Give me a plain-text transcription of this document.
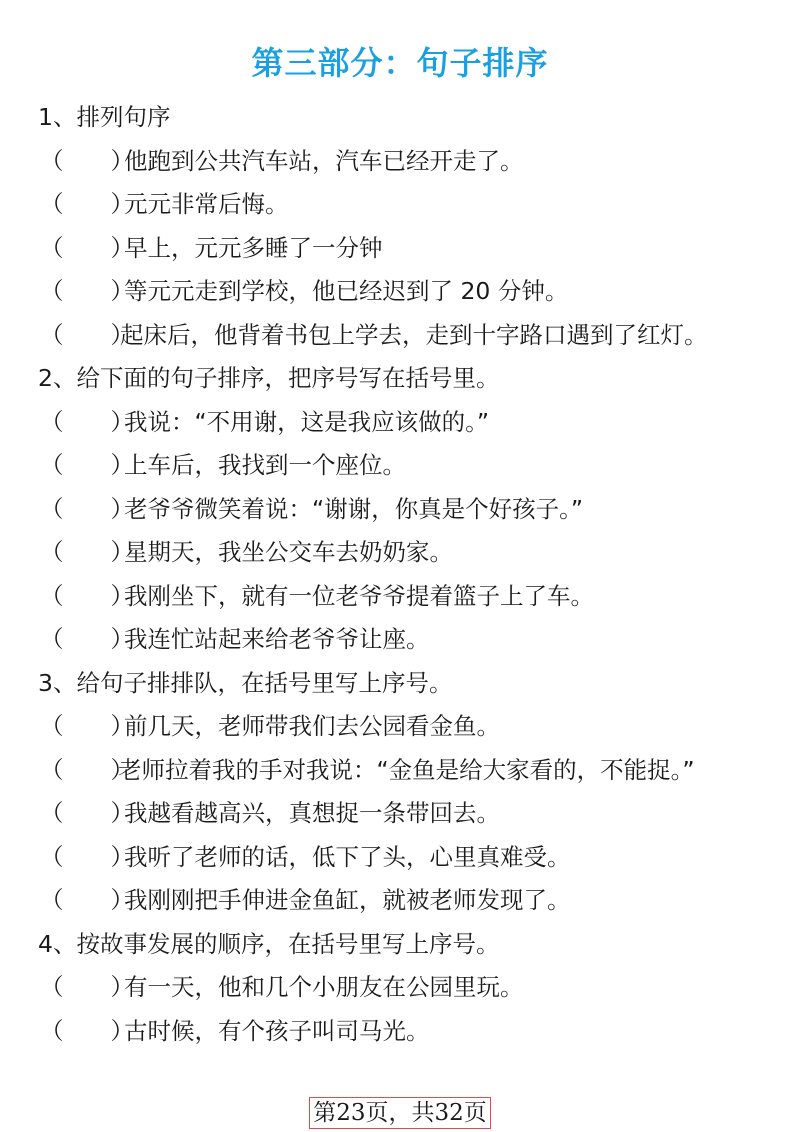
第三部分：句子排序
1、排列句序
（　　）他跑到公共汽车站，汽车已经开走了。
（　　）元元非常后悔。
（　　）早上，元元多睡了一分钟
（　　）等元元走到学校，他已经迟到了 20 分钟。
（　　）起床后，他背着书包上学去，走到十字路口遇到了红灯。
2、给下面的句子排序，把序号写在括号里。
（　　）我说：“不用谢，这是我应该做的。”
（　　）上车后，我找到一个座位。
（　　）老爷爷微笑着说：“谢谢，你真是个好孩子。”
（　　）星期天，我坐公交车去奶奶家。
（　　）我刚坐下，就有一位老爷爷提着篮子上了车。
（　　）我连忙站起来给老爷爷让座。
3、给句子排排队，在括号里写上序号。
（　　）前几天，老师带我们去公园看金鱼。
（　　）老师拉着我的手对我说：“金鱼是给大家看的，不能捉。”
（　　）我越看越高兴，真想捉一条带回去。
（　　）我听了老师的话，低下了头，心里真难受。
（　　）我刚刚把手伸进金鱼缸，就被老师发现了。
4、按故事发展的顺序，在括号里写上序号。
（　　）有一天，他和几个小朋友在公园里玩。
（　　）古时候，有个孩子叫司马光。
第23页，共32页
